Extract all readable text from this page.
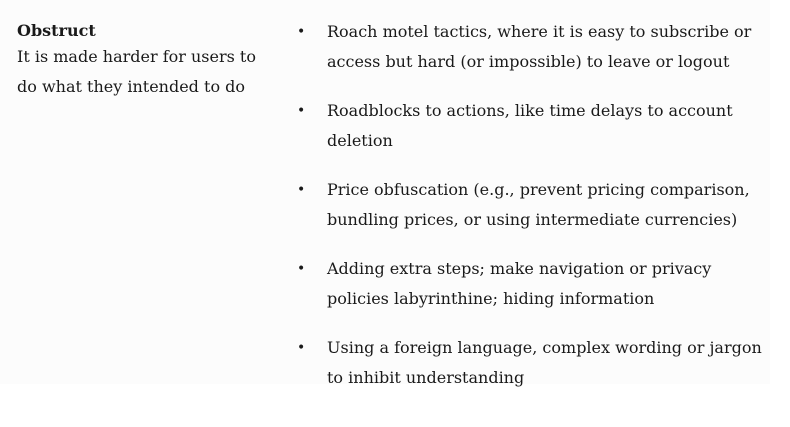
Obstruct

It is made harder for users to do what they intended to do

• Roach motel tactics, where it is easy to subscribe or access but hard (or impossible) to leave or logout
• Roadblocks to actions, like time delays to account deletion
• Price obfuscation (e.g., prevent pricing comparison, bundling prices, or using intermediate currencies)
• Adding extra steps; make navigation or privacy policies labyrinthine; hiding information
• Using a foreign language, complex wording or jargon to inhibit understanding
